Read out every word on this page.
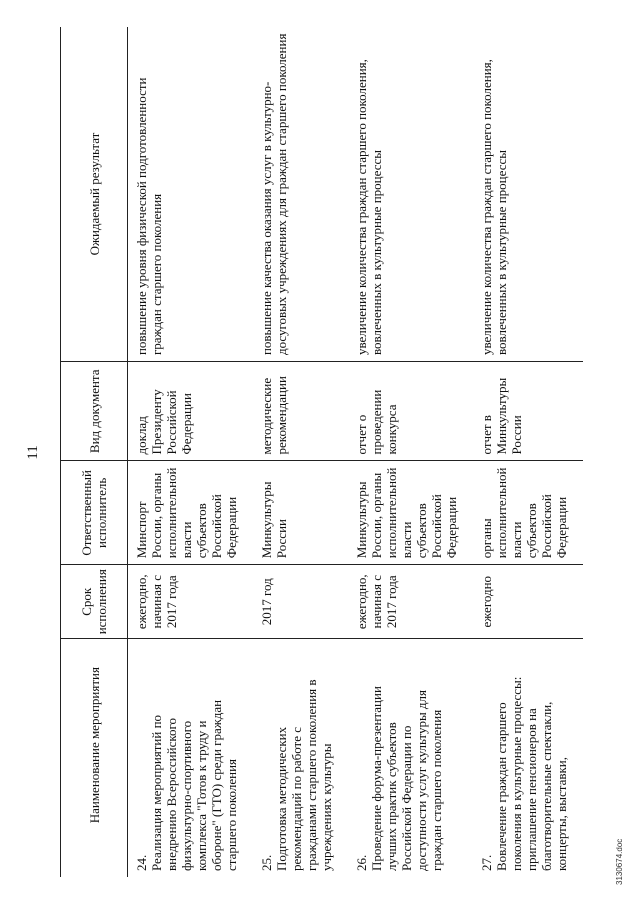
11
Наименование мероприятия	Срок исполнения	Ответственный исполнитель	Вид документа	Ожидаемый результат
24.Реализация мероприятий по внедрению Всероссийского физкультурно-спортивного комплекса "Готов к труду и обороне" (ГТО) среди граждан старшего поколения	ежегодно, начиная с 2017 года	Минспорт России, органы исполнительной власти субъектов Российской Федерации	доклад Президенту Российской Федерации	повышение уровня физической подготовленности граждан старшего поколения
25.Подготовка методических рекомендаций по работе с гражданами старшего поколения в учреждениях культуры	2017 год	Минкультуры России	методические рекомендации	повышение качества оказания услуг в культурно-досуговых учреждениях для граждан старшего поколения
26.Проведение форума-презентации лучших практик субъектов Российской Федерации по доступности услуг культуры для граждан старшего поколения	ежегодно, начиная с 2017 года	Минкультуры России, органы исполнительной власти субъектов Российской Федерации	отчет о проведении конкурса	увеличение количества граждан старшего поколения, вовлеченных в культурные процессы
27.Вовлечение граждан старшего поколения в культурные процессы: приглашение пенсионеров на благотворительные спектакли, концерты, выставки,	ежегодно	органы исполнительной власти субъектов Российской Федерации	отчет в Минкультуры России	увеличение количества граждан старшего поколения, вовлеченных в культурные процессы
3130674.doc
